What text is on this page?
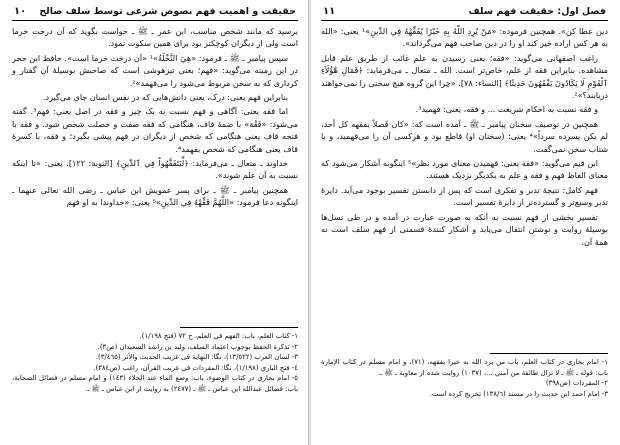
حقیقت و اهمیت فهم نصوص شرعی توسط سلف صالح
١٠

برسید که مانند شخص مناسب، ابن عمر ـ ﷺ ـ خواست بگوید که آن درخت خرما است ولی از دیگران کوچکتر بود برای همین سکوت نمود.

سپس پیامبر ـ ﷺ ـ فرمود: «هِيَ النَّخْلَةُ»¹ «آن درخت خرما است». حافظ ابن حجر در این زمینه می‌گوید: «فهم؛ یعنی تیزهوشی است که صاحبش بوسیلهٔ آن گفتار و کرداری که به سخن مربوط می‌شود را می‌فهمد»².

بنابراین فهم یعنی: درک، یعنی دانش‌هایی که در نفس انسان جای می‌گیرد.

اما فقه یعنی: آگاهی و فهم نسبت به یک چیز و فقه در اصل یعنی: فهم³. گفته می‌شود: «فَقُهَ» با ضمهٔ قاف، هنگامی که فقه صفت و خصلت شخص شود. و فقه با فتحه قاف یعنی هنگامی که شخص از دیگران در فهم پیشی بگیرد؛ و فقه، با کسرهٔ قاف یعنی هنگامی که شخص بفهمد⁴.

خداوند ـ متعال ـ می‌فرماید: ﴿لِّيَتَفَقَّهُواْ فِي ٱلدِّينِ﴾ [التوبة: ١٢٢]. یعنی: «تا اینکه نسبت به آن علم شوند».

همچنین پیامبر ـ ﷺ ـ برای پسر عمویش ابن عباس ـ رضی الله تعالی عنهما ـ اینگونه دعا فرمود: «اللَّهُمَّ فَقِّهْهُ فِي الدِّينِ»⁵ یعنی: «خداوندا به او فهم

١- کتاب العلم، باب: الفهم في العلم، ح ٧٢ (فتح ١/١٩٨).

٢- تذکرة الحفظ بوجوب اعتماد السلف، وليد بن راشد السعيدان (ص٣).

٣- لسان العرب (١٣/٥٢٢)، نگا: النهایة فی غریب الحدیث والأثر (٣/٤٦٥).

٤- فتح الباري (١/١٩٨)، نگا: المفردات في غريب القرآن، راغب (ص٣٨٤).

٥- امام بخاری در کتاب الوضوء، باب: وضع الماء عند الخلاء (١٤٣) و امام مسلم در فضائل الصحابة، باب: فضائل عبدالله ابن عباس ـ ﷺ ـ (٢٤٧٧) به روایت از ابن عباس ـ ﷺ ـ.

فصل اول: حقیقت فهم سلف
١١

دین عطا کن». همچنین فرموده: «مَنْ يُرِدِ اللَّهُ بِهِ خَيْرًا يُفَقِّهْهُ فِي الدِّينِ»¹ یعنی: «الله به هر کس اراده خیر کند او را در دین صاحب فهم می‌گرداند».

راغب اصفهانی می‌گوید: «فقه؛ یعنی رسیدن به علم غائب از طریق علم قابل مشاهده. بنابراین فقه از علم، خاص‌تر است. الله ـ متعال ـ می‌فرماید: ﴿فَمَالِ هَٰٓؤُلَآءِ ٱلْقَوْمِ لَا يَكَادُونَ يَفْقَهُونَ حَدِيثًا﴾ [النساء: ٧٨]. «چرا این گروه هیچ سخنی را نمی‌خواهند دریابند؟»².

و فقه نسبت به احکام شریعت ... و فقه، یعنی: فهمید³.

همچنین در توصیف سخنان پیامبر ـ ﷺ ـ آمده است که: «كان فَصلاً يفقهه كل أحد، لم يكن يسرده سرداً»⁴ یعنی: (سخنان او) قاطع بود و هرکسی آن را می‌فهمید، و با شتاب سخن نمی‌گفت.

ابن قیم می‌گوید: «فقه یعنی: فهمیدن معنای مورد نظر»⁵ اینگونه آشکار می‌شود که معنای الفاظ فهم و فقه و علم به یکدیگر نزدیک هستند.

فهم کامل: نتیجهٔ تدبر و تفکری است که پس از دانستن تفسیر بوجود می‌آید. دایرهٔ تدبر وسیع‌تر و گسترده‌تر از دایرهٔ تفسیر است.

تفسیر بخشی از فهم نسبت به آنکه به صورت عبارت در آمده و در طی نسل‌ها بوسیلهٔ روایت و نوشتن انتقال می‌یابد و آشکار کنندهٔ قسمتی از فهم سلف است نه همهٔ آن.

١- امام بخاری در کتاب العلم، باب من يرد الله به خيرا يفقهه، (٧١)، و امام مسلم در کتاب الإمارة باب: قوله ـ ﷺ ـ لا تزال طائفة من أمتي ...، (١٠٣٧) روایت شده از معاویة ـ ﷺ ـ.

٢- المفردات (ص٣٩٨)

٣- امام احمد این حدیث را در مسند (١٣٨/٦) تخریج کرده است.
